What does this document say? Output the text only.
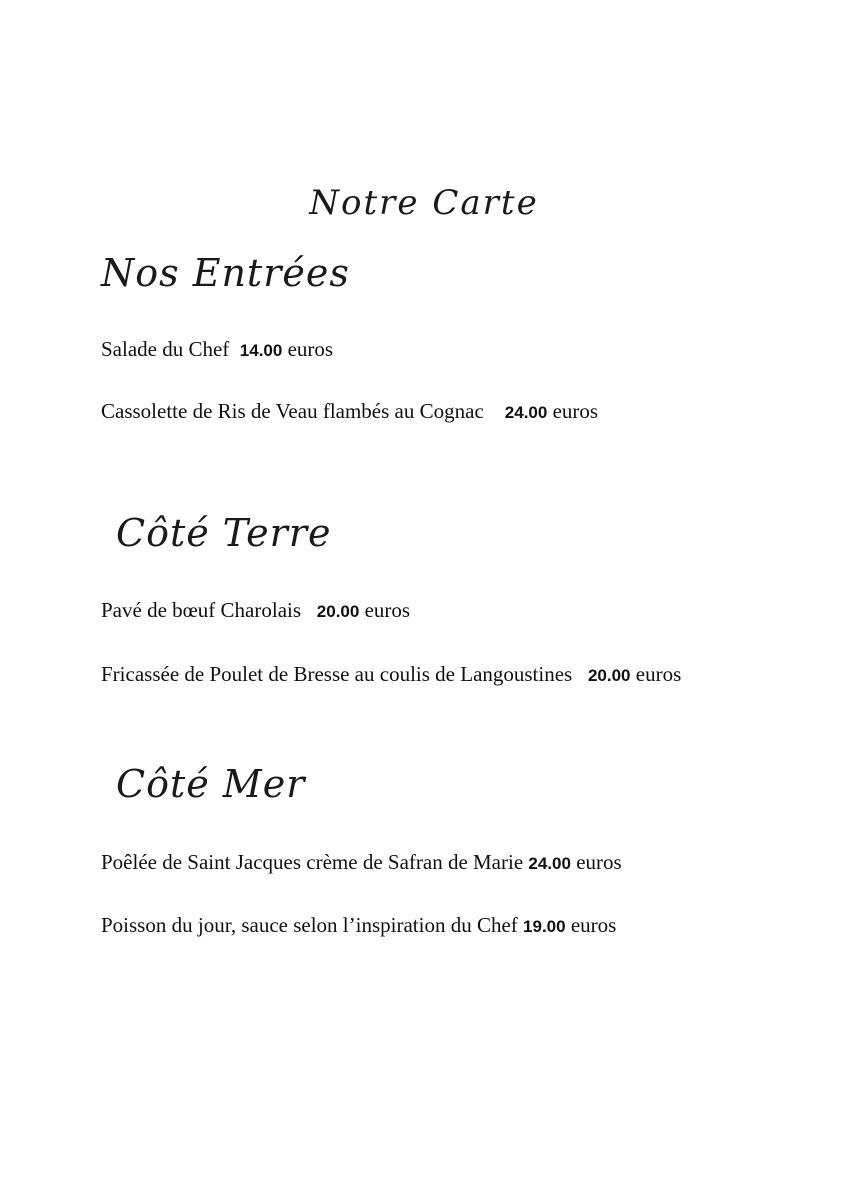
Notre Carte
Nos Entrées
Salade du Chef 14.00 euros
Cassolette de Ris de Veau flambés au Cognac 24.00 euros
Côté Terre
Pavé de bœuf Charolais 20.00 euros
Fricassée de Poulet de Bresse au coulis de Langoustines 20.00 euros
Côté Mer
Poêlée de Saint Jacques crème de Safran de Marie 24.00 euros
Poisson du jour, sauce selon l’inspiration du Chef 19.00 euros
